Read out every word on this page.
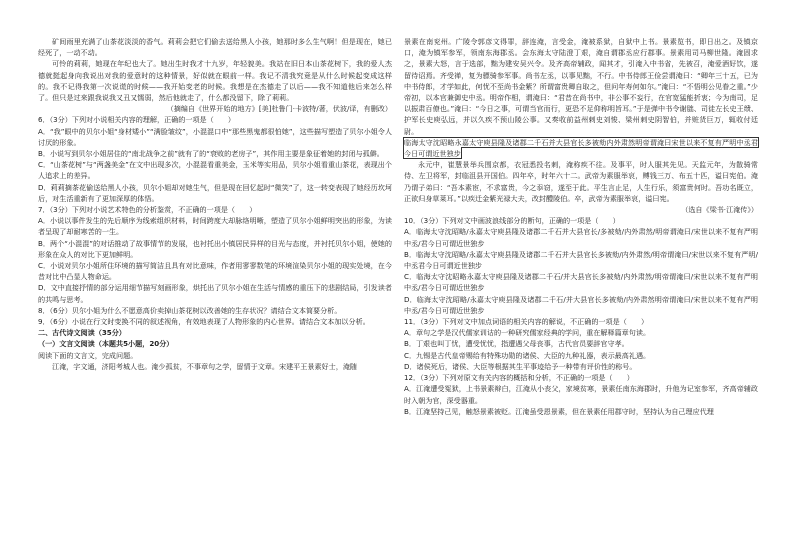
矿间雨里充满了山茶花淡淡的香气。莉莉会把它们偷去送给黑人小孩，她那时多么生气啊！但是现在，她已经死了，一动不动。

可怜的莉莉，她现在年纪也大了。她出生时我才十九岁，年轻貌美。我站在旧日本山茶花树下，我的爱人杰德就挺起身向我说出对我的爱意时的这种情景，好似就在眼前一样。我记不清我究竟是从什么时候起变成这样的。我不记得我第一次说谎的时候——我开始变老的时候。我想是在杰德走了以后——我不知道他后来怎么样了。但只是过来跟我说我又丑又懦弱，然后他就走了，什么都没留下，除了莉莉。

（摘编自《世界开始的地方》[美]杜鲁门·卡波特/著，伏波/译，有删改）

6．（3分）下列对小说相关内容的理解，正确的一项是（　　）

A．“我”眼中的贝尔小姐“身材矮小”“满脸皱纹”，小混混口中“那些黑鬼都很怕她”，这些描写塑造了贝尔小姐令人讨厌的形象。

B．小说写到贝尔小姐居住的“南北战争之前”就有了的“衰败的老房子”，其作用主要是象征着她的封闭与孤僻。

C．“山茶花树”与“两盏美金”在文中出现多次，小混混看重美金，玉米等实用品，贝尔小姐看重山茶花，表现出个人追求上的差异。

D．莉莉摘茶花偷送给黑人小孩，贝尔小姐却对她生气，但是现在回忆起时“微笑”了，这一转变表现了她经历坎坷后，对生活重新有了更加深厚的体悟。

7．（3分）下列对小说艺术特色的分析鉴赏，不正确的一项是（　　）

A．小说以事件发生的先后顺序为线索组织材料，时间跨度大却脉络明晰，塑造了贝尔小姐鲜明突出的形象，为读者呈现了却耐寒苦的一生。

B．两个“小混混”的对话推动了故事情节的发展，也衬托出小镇居民异样的目光与态度，并衬托贝尔小姐，使她的形象在众人的对比下更加鲜明。

C．小说对贝尔小姐所住环境的描写简洁且具有对比意味，作者用寥寥数笔的环境渲染贝尔小姐的现实处境，在今昔对比中凸显人物命运。

D．文中直接抒情的部分运用细节描写刻画形象，烘托出了贝尔小姐在生活与情感的重压下的悲剧结局，引发读者的共鸣与思考。

8．（6分）贝尔小姐为什么不愿意高价卖掉山茶花树以改善她的生存状况？请结合文本简要分析。

9．（6分）小说在行文时变换不同的叙述视角，有效地表现了人物形象的内心世界。请结合文本加以分析。

二、古代诗文阅读（35分）

（一）文言文阅读（本题共5小题，20分）

阅读下面的文言文，完成问题。

江淹，字文通，济阳考城人也。淹少孤贫，不事章句之学，留情于文章。宋建平王景素好士，淹随

景素在南兖州。广陵令郭彦文得罪，辞连淹，言受金，淹被系狱，自狱中上书。景素览书，即日出之。及镇京口，淹为镇军参军，领南东海郡丞。会东海太守陆澄丁艰，淹自谓郡丞应行郡事。景素用司马柳世隆。淹固求之，景素大怒，言于选部，黜为建安吴兴令。及齐高帝辅政，闻其才，引淹入中书省，先被召，淹爱酒好饮，遂留待诏焉。齐受禅，复为骠骑参军事。尚书左丞，以事见黜，不行。中书侍郎王俭尝谓淹曰：“卿年三十五，已为中书侍郎，才学如此，何忧不至尚书金紫？所谓富贵卿自取之，但问年寿何如尔。”淹曰：“不悟明公见眷之重。”少帝初，以本官兼御史中丞。明帝作相，谓淹曰：“君昔在尚书中，非公事不妄行，在官宽猛能折衷；今为南司，足以振肃百僚也。”淹曰：“今日之事，可谓当官而行，更恐不足仰称明旨耳。”于是弹中书令谢朏、司徒左长史王缋、护军长史庾弘远，并以久疾不预山陵公事。又奏收前益州刺史刘悛、梁州刺史阴智伯，并赃货巨万，辄收付廷尉。

临海太守沈昭略永嘉太守庾县隆及诸郡二千石并大县官长多被劾内外肃然明帝谓淹曰宋世以来不复有严明中丞君今日可谓近世独步

永元中，崔慧景举兵围京都，衣冠悉投名刺，淹称疾不往。及事平，时人服其先见。天监元年，为散骑常侍、左卫将军，封临沮县开国伯。四年卒，时年六十二。武帝为素服举哀，赙钱三万、布五十匹，谥曰宪伯。淹乃谓子弟曰：“吾本素宦，不求富贵，今之忝窃，遂至于此。平生言止足，人生行乐，须富贵何时。吾功名既立，正欲归身草莱耳。”以疾迁金紫光禄大夫，改封醴陵伯。卒，武帝为素服举哀，谥曰宪。

（选自《梁书·江淹传》）

10．（3分）下列对文中画波浪线部分的断句，正确的一项是（　　）

A．临海太守沈昭略/永嘉太守庾县隆及诸郡二千石并大县官长/多被劾/内外肃然/明帝谓淹曰/宋世以来不复有严明中丞/君今日可谓近世独步

B．临海太守沈昭略/永嘉太守庾县隆及诸郡二千石并大县官长多被劾/内外肃然/明帝谓淹曰/宋世以来不复有严明/中丞君今日可谓近世独步

C．临海太守沈昭略永嘉太守庾县隆及诸郡二千石/并大县官长多被劾/内外肃然/明帝谓淹曰/宋世以来不复有严明中丞/君今日可谓近世独步

D．临海太守沈昭略/永嘉太守庾县隆及诸郡二千石/并大县官长多被劾/内外肃然明帝谓淹曰/宋世以来不复有严明中丞/君今日可谓近世独步

11．（3分）下列对文中加点词语的相关内容的解说，不正确的一项是（　　）

A．章句之学是汉代儒家训诂的一种研究儒家经典的学问，重在解释篇章句读。

B．丁艰也叫丁忧，遭受忧忧，指遭遇父母丧事，古代官员要辞官守孝。

C．九锡是古代皇帝赐给有特殊功勋的诸侯、大臣的九种礼器，表示最高礼遇。

D．诸侯死后，诸侯、大臣等根据其生平事迹给予一种带有评价性的称号。

12．（3分）下列对原文有关内容的概括和分析，不正确的一项是（　　）

A．江淹遭受冤狱，上书景素辩白，江淹从小丧父，家境贫寒，景素任南东海郡时，升他为记室参军，齐高帝辅政时入朝为官，深受器重。

B．江淹坚持己见，触怒景素被贬。江淹虽受恩景素，但在景素任用郡守时，坚持认为自己理应代理
